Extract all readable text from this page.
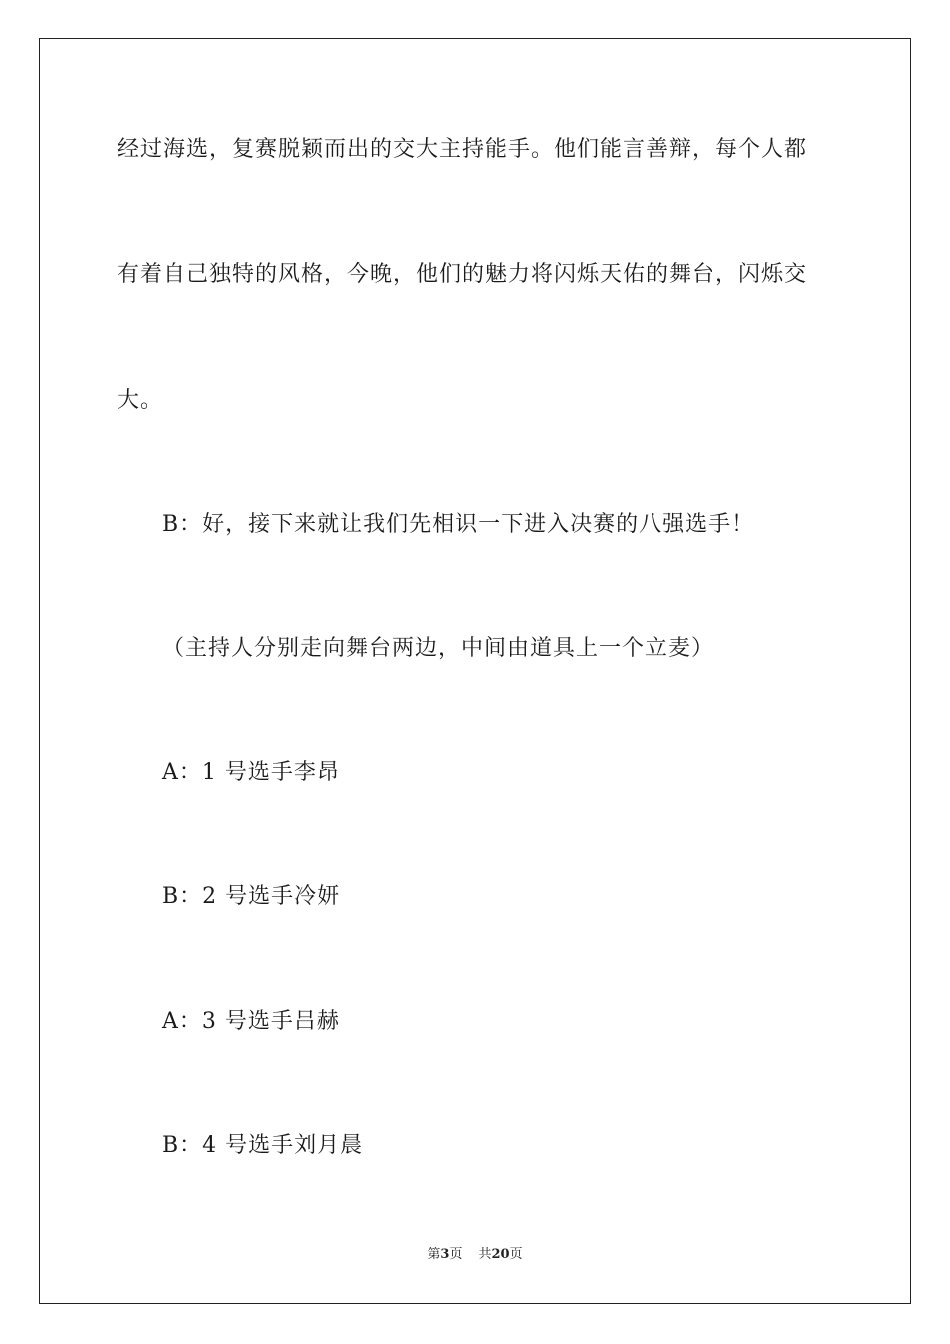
经过海选，复赛脱颖而出的交大主持能手。他们能言善辩，每个人都
有着自己独特的风格，今晚，他们的魅力将闪烁天佑的舞台，闪烁交
大。
B：好，接下来就让我们先相识一下进入决赛的八强选手！
（主持人分别走向舞台两边，中间由道具上一个立麦）
A：1 号选手李昂
B：2 号选手冷妍
A：3 号选手吕赫
B：4 号选手刘月晨
第3页 共20页
